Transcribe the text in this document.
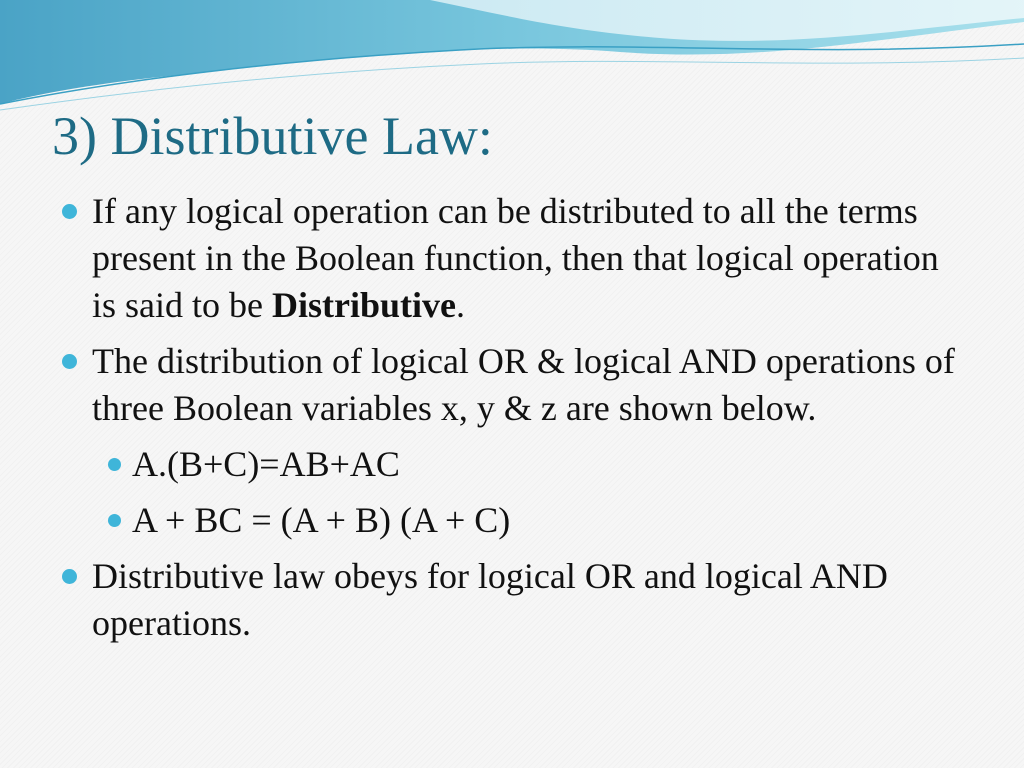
3) Distributive Law:
If any logical operation can be distributed to all the terms present in the Boolean function, then that logical operation is said to be Distributive.
The distribution of logical OR & logical AND operations of three Boolean variables x, y & z are shown below.
A.(B+C)=AB+AC
A + BC = (A + B) (A + C)
Distributive law obeys for logical OR and logical AND operations.
